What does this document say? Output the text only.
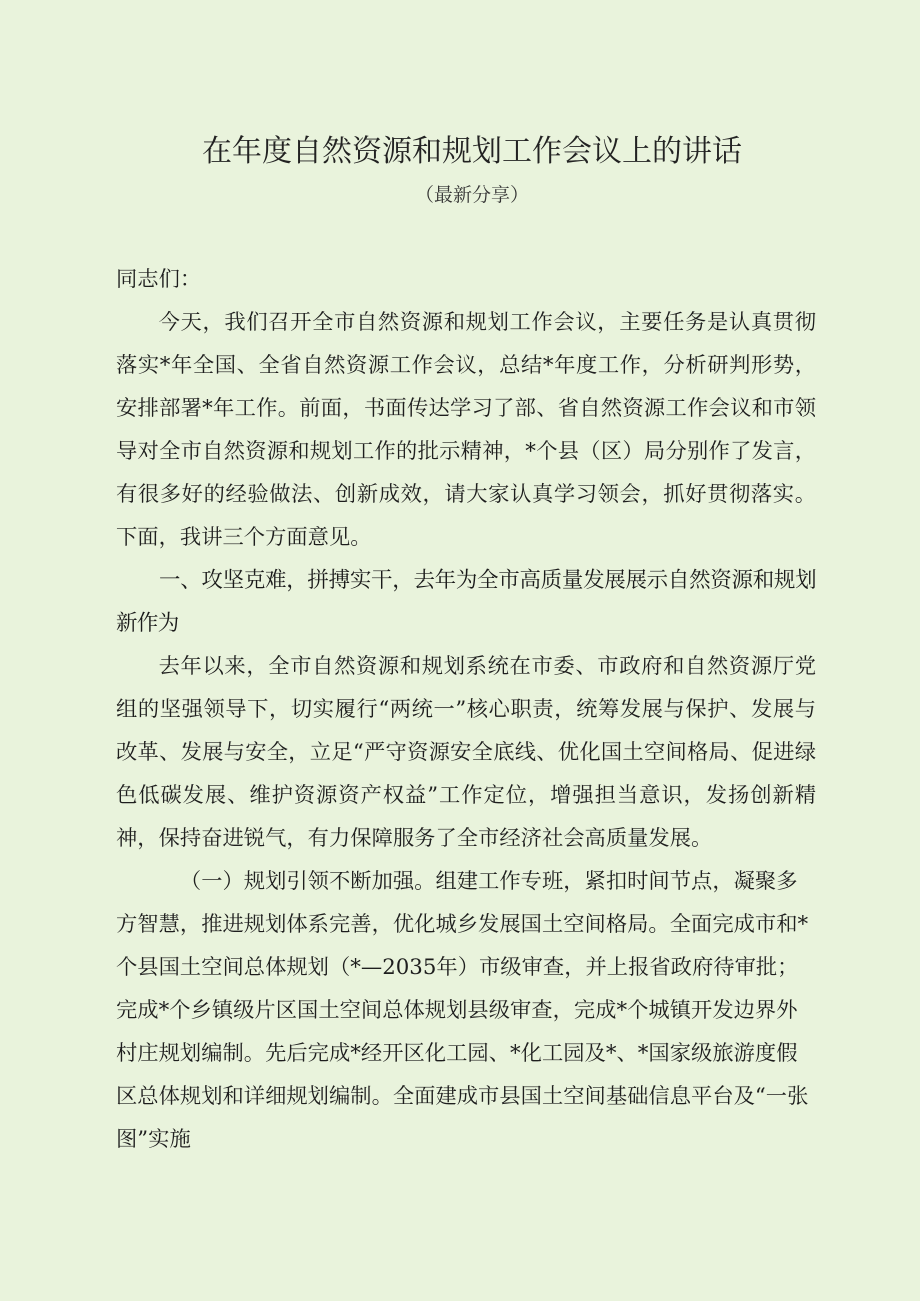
在年度自然资源和规划工作会议上的讲话
（最新分享）

同志们：

今天，我们召开全市自然资源和规划工作会议，主要任务是认真贯彻落实*年全国、全省自然资源工作会议，总结*年度工作，分析研判形势，安排部署*年工作。前面，书面传达学习了部、省自然资源工作会议和市领导对全市自然资源和规划工作的批示精神，*个县（区）局分别作了发言，有很多好的经验做法、创新成效，请大家认真学习领会，抓好贯彻落实。下面，我讲三个方面意见。

一、攻坚克难，拼搏实干，去年为全市高质量发展展示自然资源和规划新作为

去年以来，全市自然资源和规划系统在市委、市政府和自然资源厅党组的坚强领导下，切实履行“两统一”核心职责，统筹发展与保护、发展与改革、发展与安全，立足“严守资源安全底线、优化国土空间格局、促进绿色低碳发展、维护资源资产权益”工作定位，增强担当意识，发扬创新精神，保持奋进锐气，有力保障服务了全市经济社会高质量发展。

（一）规划引领不断加强。组建工作专班，紧扣时间节点，凝聚多方智慧，推进规划体系完善，优化城乡发展国土空间格局。全面完成市和*个县国土空间总体规划（*—2035年）市级审查，并上报省政府待审批；完成*个乡镇级片区国土空间总体规划县级审查，完成*个城镇开发边界外村庄规划编制。先后完成*经开区化工园、*化工园及*、*国家级旅游度假区总体规划和详细规划编制。全面建成市县国土空间基础信息平台及“一张图”实施
